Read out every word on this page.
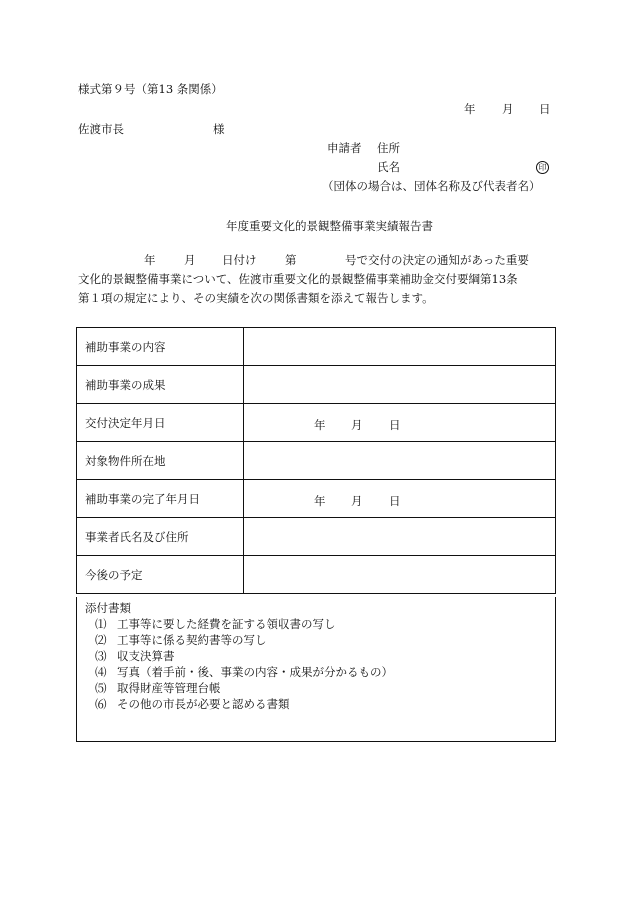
様式第９号（第13 条関係）
年 月 日
佐渡市長	様
申請者 住所
氏名	印
（団体の場合は、団体名称及び代表者名）
年度重要文化的景観整備事業実績報告書
年 月 日付け 第	号で交付の決定の通知があった重要
文化的景観整備事業について、佐渡市重要文化的景観整備事業補助金交付要綱第13条
第１項の規定により、その実績を次の関係書類を添えて報告します。
補助事業の内容	
補助事業の成果	
交付決定年月日	年 月 日

対象物件所在地	
補助事業の完了年月日	年 月 日

事業者氏名及び住所	
今後の予定	
添付書類
⑴ 工事等に要した経費を証する領収書の写し
⑵ 工事等に係る契約書等の写し
⑶ 収支決算書
⑷ 写真（着手前・後、事業の内容・成果が分かるもの）
⑸ 取得財産等管理台帳
⑹ その他の市長が必要と認める書類
